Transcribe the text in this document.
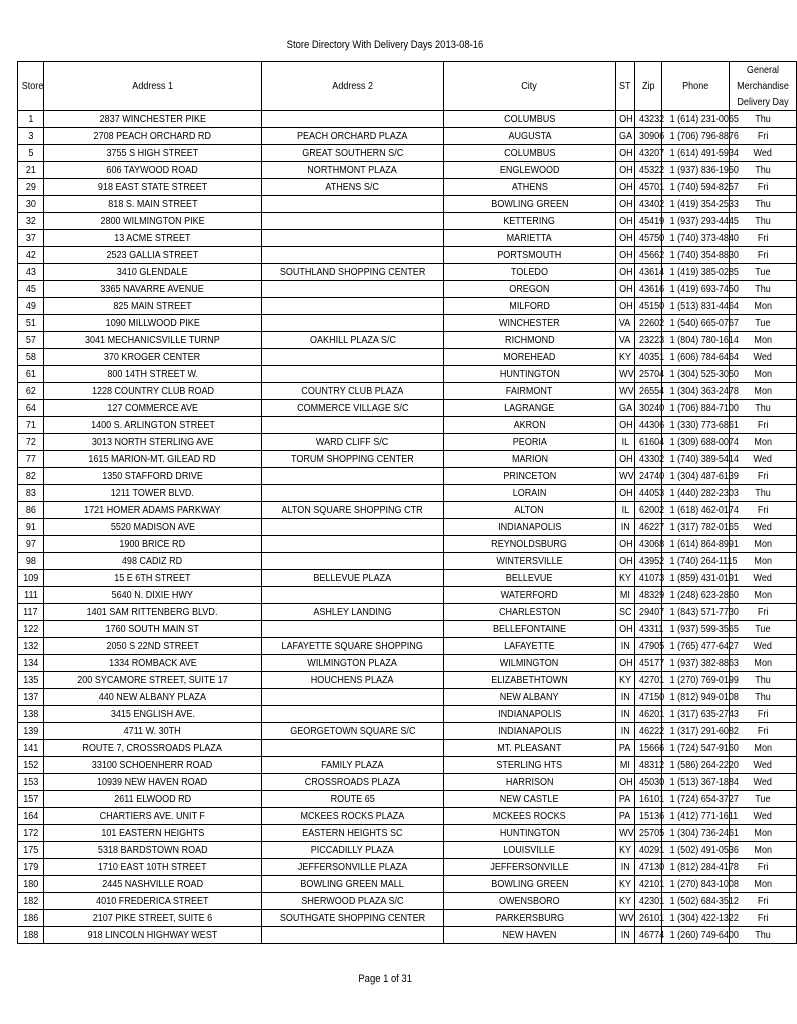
Store Directory With Delivery Days 2013-08-16
Store	Address 1	Address 2	City	ST	Zip	Phone	General Merchandise Delivery Day
1	2837 WINCHESTER PIKE		COLUMBUS	OH	43232	1 (614) 231-0065	Thu
3	2708 PEACH ORCHARD RD	PEACH ORCHARD PLAZA	AUGUSTA	GA	30906	1 (706) 796-8876	Fri
5	3755 S HIGH STREET	GREAT SOUTHERN S/C	COLUMBUS	OH	43207	1 (614) 491-5934	Wed
21	606 TAYWOOD ROAD	NORTHMONT PLAZA	ENGLEWOOD	OH	45322	1 (937) 836-1950	Thu
29	918 EAST STATE STREET	ATHENS S/C	ATHENS	OH	45701	1 (740) 594-8257	Fri
30	818 S. MAIN STREET		BOWLING GREEN	OH	43402	1 (419) 354-2533	Thu
32	2800 WILMINGTON PIKE		KETTERING	OH	45419	1 (937) 293-4445	Thu
37	13 ACME STREET		MARIETTA	OH	45750	1 (740) 373-4840	Fri
42	2523 GALLIA STREET		PORTSMOUTH	OH	45662	1 (740) 354-8830	Fri
43	3410 GLENDALE	SOUTHLAND SHOPPING CENTER	TOLEDO	OH	43614	1 (419) 385-0285	Tue
45	3365 NAVARRE AVENUE		OREGON	OH	43616	1 (419) 693-7450	Thu
49	825 MAIN STREET		MILFORD	OH	45150	1 (513) 831-4464	Mon
51	1090 MILLWOOD PIKE		WINCHESTER	VA	22602	1 (540) 665-0767	Tue
57	3041 MECHANICSVILLE TURNP	OAKHILL PLAZA S/C	RICHMOND	VA	23223	1 (804) 780-1614	Mon
58	370 KROGER CENTER		MOREHEAD	KY	40351	1 (606) 784-6464	Wed
61	800 14TH STREET W.		HUNTINGTON	WV	25704	1 (304) 525-3050	Mon
62	1228 COUNTRY CLUB ROAD	COUNTRY CLUB PLAZA	FAIRMONT	WV	26554	1 (304) 363-2478	Mon
64	127 COMMERCE AVE	COMMERCE VILLAGE S/C	LAGRANGE	GA	30240	1 (706) 884-7100	Thu
71	1400 S. ARLINGTON STREET		AKRON	OH	44306	1 (330) 773-6861	Fri
72	3013 NORTH STERLING AVE	WARD CLIFF S/C	PEORIA	IL	61604	1 (309) 688-0074	Mon
77	1615 MARION-MT. GILEAD RD	TORUM SHOPPING CENTER	MARION	OH	43302	1 (740) 389-5414	Wed
82	1350 STAFFORD DRIVE		PRINCETON	WV	24740	1 (304) 487-6139	Fri
83	1211 TOWER BLVD.		LORAIN	OH	44053	1 (440) 282-2303	Thu
86	1721 HOMER ADAMS PARKWAY	ALTON SQUARE SHOPPING CTR	ALTON	IL	62002	1 (618) 462-0174	Fri
91	5520 MADISON AVE		INDIANAPOLIS	IN	46227	1 (317) 782-0165	Wed
97	1900 BRICE RD		REYNOLDSBURG	OH	43068	1 (614) 864-8991	Mon
98	498 CADIZ RD		WINTERSVILLE	OH	43952	1 (740) 264-1115	Mon
109	15 E 6TH STREET	BELLEVUE PLAZA	BELLEVUE	KY	41073	1 (859) 431-0191	Wed
111	5640 N. DIXIE HWY		WATERFORD	MI	48329	1 (248) 623-2860	Mon
117	1401 SAM RITTENBERG BLVD.	ASHLEY LANDING	CHARLESTON	SC	29407	1 (843) 571-7730	Fri
122	1760 SOUTH MAIN ST		BELLEFONTAINE	OH	43311	1 (937) 599-3565	Tue
132	2050 S 22ND STREET	LAFAYETTE SQUARE SHOPPING	LAFAYETTE	IN	47905	1 (765) 477-6427	Wed
134	1334 ROMBACK AVE	WILMINGTON PLAZA	WILMINGTON	OH	45177	1 (937) 382-8863	Mon
135	200 SYCAMORE STREET, SUITE 17	HOUCHENS PLAZA	ELIZABETHTOWN	KY	42701	1 (270) 769-0199	Thu
137	440 NEW ALBANY PLAZA		NEW ALBANY	IN	47150	1 (812) 949-0108	Thu
138	3415 ENGLISH AVE.		INDIANAPOLIS	IN	46201	1 (317) 635-2743	Fri
139	4711 W. 30TH	GEORGETOWN SQUARE S/C	INDIANAPOLIS	IN	46222	1 (317) 291-6082	Fri
141	ROUTE 7, CROSSROADS PLAZA		MT. PLEASANT	PA	15666	1 (724) 547-9160	Mon
152	33100 SCHOENHERR ROAD	FAMILY PLAZA	STERLING HTS	MI	48312	1 (586) 264-2220	Wed
153	10939 NEW HAVEN ROAD	CROSSROADS PLAZA	HARRISON	OH	45030	1 (513) 367-1884	Wed
157	2611 ELWOOD RD	ROUTE 65	NEW CASTLE	PA	16101	1 (724) 654-3727	Tue
164	CHARTIERS AVE. UNIT F	MCKEES ROCKS PLAZA	MCKEES ROCKS	PA	15136	1 (412) 771-1611	Wed
172	101 EASTERN HEIGHTS	EASTERN HEIGHTS SC	HUNTINGTON	WV	25705	1 (304) 736-2461	Mon
175	5318 BARDSTOWN ROAD	PICCADILLY PLAZA	LOUISVILLE	KY	40291	1 (502) 491-0536	Mon
179	1710 EAST 10TH STREET	JEFFERSONVILLE PLAZA	JEFFERSONVILLE	IN	47130	1 (812) 284-4178	Fri
180	2445 NASHVILLE ROAD	BOWLING GREEN MALL	BOWLING GREEN	KY	42101	1 (270) 843-1008	Mon
182	4010 FREDERICA STREET	SHERWOOD PLAZA S/C	OWENSBORO	KY	42301	1 (502) 684-3512	Fri
186	2107 PIKE STREET, SUITE 6	SOUTHGATE SHOPPING CENTER	PARKERSBURG	WV	26101	1 (304) 422-1322	Fri
188	918 LINCOLN HIGHWAY WEST		NEW HAVEN	IN	46774	1 (260) 749-6400	Thu
Page 1 of 31
